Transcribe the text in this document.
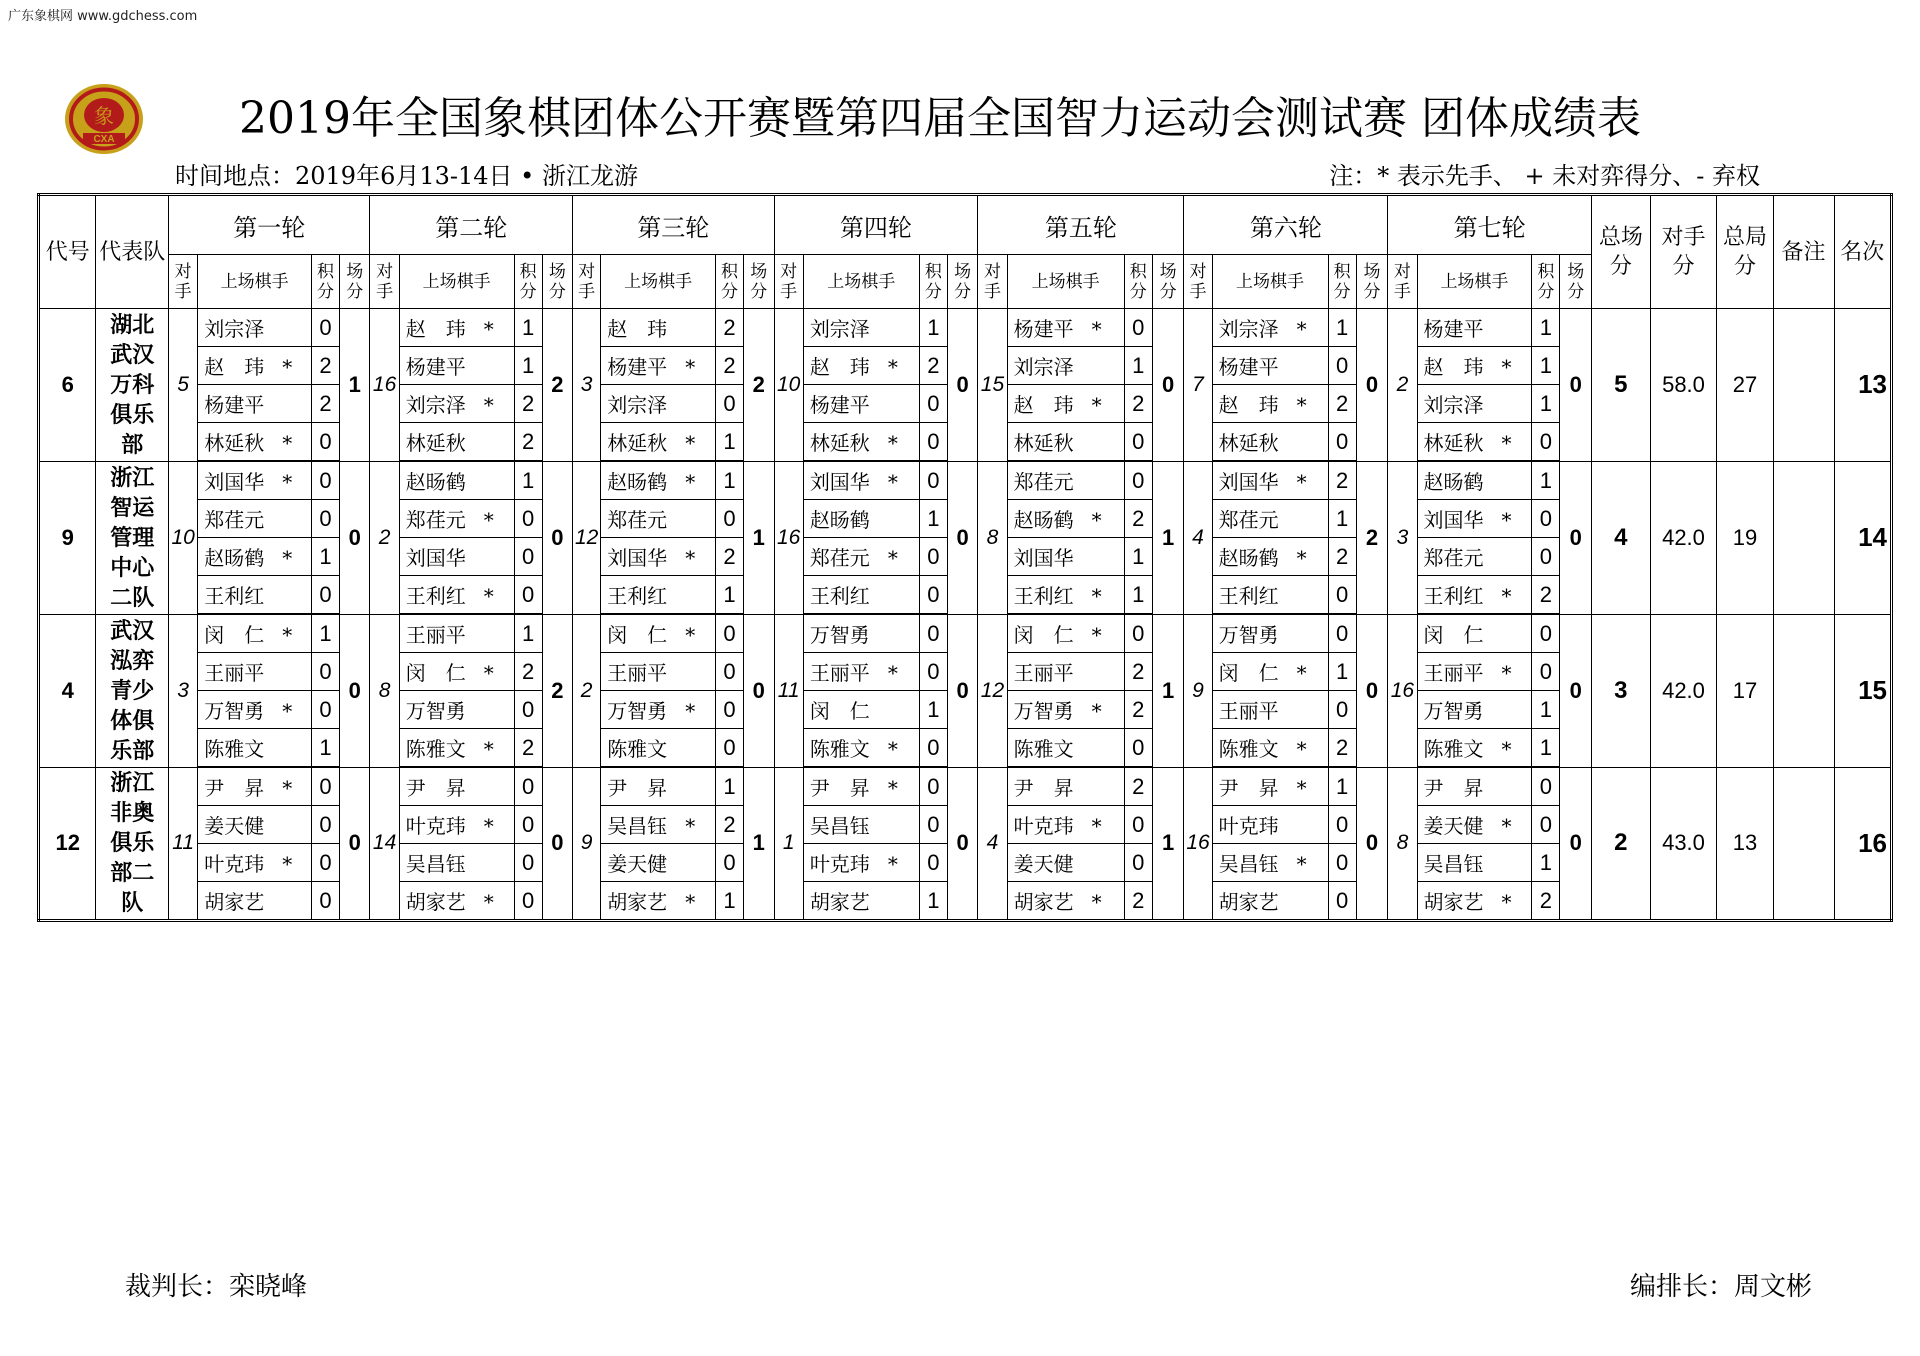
广东象棋网 www.gdchess.com
象
CXA	2019年全国象棋团体公开赛暨第四届全国智力运动会测试赛 团体成绩表
时间地点：2019年6月13-14日 • 浙江龙游	注：* 表示先手、 + 未对弈得分、- 弃权
代号	代表队	第一轮				第二轮				第三轮				第四轮				第五轮				第六轮				第七轮				总场分	对手分	总局分	备注	名次
		对手	上场棋手	积分	场分	对手	上场棋手	积分	场分	对手	上场棋手	积分	场分	对手	上场棋手	积分	场分	对手	上场棋手	积分	场分	对手	上场棋手	积分	场分	对手	上场棋手	积分	场分					
6	湖北武汉万科俱乐部	5	刘宗泽	0	1	16	赵　玮 *	1	2	3	赵　玮	2	2	10	刘宗泽	1	0	15	杨建平 *	0	0	7	刘宗泽 *	1	0	2	杨建平	1	0	5	58.0	27		13
			赵　玮 *	2			杨建平	1			杨建平 *	2			赵　玮 *	2			刘宗泽	1			杨建平	0			赵　玮 *	1						
			杨建平	2			刘宗泽 *	2			刘宗泽	0			杨建平	0			赵　玮 *	2			赵　玮 *	2			刘宗泽	1						
			林延秋 *	0			林延秋	2			林延秋 *	1			林延秋 *	0			林延秋	0			林延秋	0			林延秋 *	0						
9	浙江智运管理中心二队	10	刘国华 *	0	0	2	赵旸鹤	1	0	12	赵旸鹤 *	1	1	16	刘国华 *	0	0	8	郑荏元	0	1	4	刘国华 *	2	2	3	赵旸鹤	1	0	4	42.0	19		14
			郑荏元	0			郑荏元 *	0			郑荏元	0			赵旸鹤	1			赵旸鹤 *	2			郑荏元	1			刘国华 *	0						
			赵旸鹤 *	1			刘国华	0			刘国华 *	2			郑荏元 *	0			刘国华	1			赵旸鹤 *	2			郑荏元	0						
			王利红	0			王利红 *	0			王利红	1			王利红	0			王利红 *	1			王利红	0			王利红 *	2						
4	武汉泓弈青少体俱乐部	3	闵　仁 *	1	0	8	王丽平	1	2	2	闵　仁 *	0	0	11	万智勇	0	0	12	闵　仁 *	0	1	9	万智勇	0	0	16	闵　仁	0	0	3	42.0	17		15
			王丽平	0			闵　仁 *	2			王丽平	0			王丽平 *	0			王丽平	2			闵　仁 *	1			王丽平 *	0						
			万智勇 *	0			万智勇	0			万智勇 *	0			闵　仁	1			万智勇 *	2			王丽平	0			万智勇	1						
			陈雅文	1			陈雅文 *	2			陈雅文	0			陈雅文 *	0			陈雅文	0			陈雅文 *	2			陈雅文 *	1						
12	浙江非奥俱乐部二队	11	尹　昇 *	0	0	14	尹　昇	0	0	9	尹　昇	1	1	1	尹　昇 *	0	0	4	尹　昇	2	1	16	尹　昇 *	1	0	8	尹　昇	0	0	2	43.0	13		16
			姜天健	0			叶克玮 *	0			吴昌钰 *	2			吴昌钰	0			叶克玮 *	0			叶克玮	0			姜天健 *	0						
			叶克玮 *	0			吴昌钰	0			姜天健	0			叶克玮 *	0			姜天健	0			吴昌钰 *	0			吴昌钰	1						
			胡家艺	0			胡家艺 *	0			胡家艺 *	1			胡家艺	1			胡家艺 *	2			胡家艺	0			胡家艺 *	2						
裁判长：栾晓峰	编排长：周文彬
